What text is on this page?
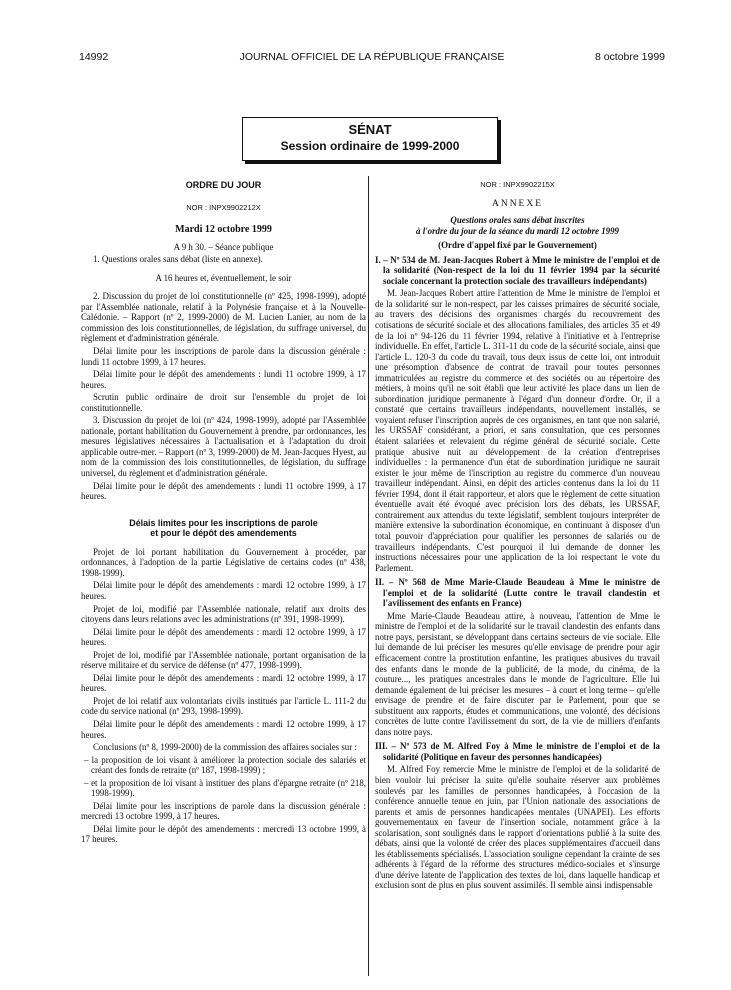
14992	JOURNAL OFFICIEL DE LA RÉPUBLIQUE FRANÇAISE	8 octobre 1999
SÉNAT
Session ordinaire de 1999-2000

ORDRE DU JOUR

NOR : INPX9902212X

Mardi 12 octobre 1999

A 9 h 30. – Séance publique

1. Questions orales sans débat (liste en annexe).

A 16 heures et, éventuellement, le soir

2. Discussion du projet de loi constitutionnelle (nº 425, 1998-1999), adopté par l'Assemblée nationale, relatif à la Polynésie française et à la Nouvelle-Calédonie. – Rapport (nº 2, 1999-2000) de M. Lucien Lanier, au nom de la commission des lois constitutionnelles, de législation, du suffrage universel, du règlement et d'administration générale.

Délai limite pour les inscriptions de parole dans la discussion générale : lundi 11 octobre 1999, à 17 heures.

Délai limite pour le dépôt des amendements : lundi 11 octobre 1999, à 17 heures.

Scrutin public ordinaire de droit sur l'ensemble du projet de loi constitutionnelle.

3. Discussion du projet de loi (nº 424, 1998-1999), adopté par l'Assemblée nationale, portant habilitation du Gouvernement à prendre, par ordonnances, les mesures législatives nécessaires à l'actualisation et à l'adaptation du droit applicable outre-mer. – Rapport (nº 3, 1999-2000) de M. Jean-Jacques Hyest, au nom de la commission des lois constitutionnelles, de législation, du suffrage universel, du règlement et d'administration générale.

Délai limite pour le dépôt des amendements : lundi 11 octobre 1999, à 17 heures.

Délais limites pour les inscriptions de parole

et pour le dépôt des amendements

Projet de loi portant habilitation du Gouvernement à procéder, par ordonnances, à l'adoption de la partie Législative de certains codes (nº 438, 1998-1999).

Délai limite pour le dépôt des amendements : mardi 12 octobre 1999, à 17 heures.

Projet de loi, modifié par l'Assemblée nationale, relatif aux droits des citoyens dans leurs relations avec les administrations (nº 391, 1998-1999).

Délai limite pour le dépôt des amendements : mardi 12 octobre 1999, à 17 heures.

Projet de loi, modifié par l'Assemblée nationale, portant organisation de la réserve militaire et du service de défense (nº 477, 1998-1999).

Délai limite pour le dépôt des amendements : mardi 12 octobre 1999, à 17 heures.

Projet de loi relatif aux volontariats civils institués par l'article L. 111-2 du code du service national (nº 293, 1998-1999).

Délai limite pour le dépôt des amendements : mardi 12 octobre 1999, à 17 heures.

Conclusions (nº 8, 1999-2000) de la commission des affaires sociales sur :

– la proposition de loi visant à améliorer la protection sociale des salariés et créant des fonds de retraite (nº 187, 1998-1999) ;

– et la proposition de loi visant à instituer des plans d'épargne retraite (nº 218, 1998-1999).

Délai limite pour les inscriptions de parole dans la discussion générale : mercredi 13 octobre 1999, à 17 heures.

Délai limite pour le dépôt des amendements : mercredi 13 octobre 1999, à 17 heures.

NOR : INPX9902215X

ANNEXE

Questions orales sans débat inscrites

à l'ordre du jour de la séance du mardi 12 octobre 1999

(Ordre d'appel fixé par le Gouvernement)

I. – Nº 534 de M. Jean-Jacques Robert à Mme le ministre de l'emploi et de la solidarité (Non-respect de la loi du 11 février 1994 par la sécurité sociale concernant la protection sociale des travailleurs indépendants)

M. Jean-Jacques Robert attire l'attention de Mme le ministre de l'emploi et de la solidarité sur le non-respect, par les caisses primaires de sécurité sociale, au travers des décisions des organismes chargés du recouvrement des cotisations de sécurité sociale et des allocations familiales, des articles 35 et 49 de la loi nº 94-126 du 11 février 1994, relative à l'initiative et à l'entreprise individuelle. En effet, l'article L. 311-11 du code de la sécurité sociale, ainsi que l'article L. 120-3 du code du travail, tous deux issus de cette loi, ont introduit une présomption d'absence de contrat de travail pour toutes personnes immatriculées au registre du commerce et des sociétés ou au répertoire des métiers, à moins qu'il ne soit établi que leur activité les place dans un lien de subordination juridique permanente à l'égard d'un donneur d'ordre. Or, il a constaté que certains travailleurs indépendants, nouvellement installés, se voyaient refuser l'inscription auprès de ces organismes, en tant que non salarié, les URSSAF considérant, a priori, et sans consultation, que ces personnes étaient salariées et relevaient du régime général de sécurité sociale. Cette pratique abusive nuit au développement de la création d'entreprises individuelles : la permanence d'un état de subordination juridique ne saurait exister le jour même de l'inscription au registre du commerce d'un nouveau travailleur indépendant. Ainsi, en dépit des articles contenus dans la loi du 11 février 1994, dont il était rapporteur, et alors que le règlement de cette situation éventuelle avait été évoqué avec précision lors des débats, les URSSAF, contrairement aux attendus du texte législatif, semblent toujours interpréter de manière extensive la subordination économique, en continuant à disposer d'un total pouvoir d'appréciation pour qualifier les personnes de salariés ou de travailleurs indépendants. C'est pourquoi il lui demande de donner les instructions nécessaires pour une application de la loi respectant le vote du Parlement.

II. – Nº 568 de Mme Marie-Claude Beaudeau à Mme le ministre de l'emploi et de la solidarité (Lutte contre le travail clandestin et l'avilissement des enfants en France)

Mme Marie-Claude Beaudeau attire, à nouveau, l'attention de Mme le ministre de l'emploi et de la solidarité sur le travail clandestin des enfants dans notre pays, persistant, se développant dans certains secteurs de vie sociale. Elle lui demande de lui préciser les mesures qu'elle envisage de prendre pour agir efficacement contre la prostitution enfantine, les pratiques abusives du travail des enfants dans le monde de la publicité, de la mode, du cinéma, de la couture..., les pratiques ancestrales dans le monde de l'agriculture. Elle lui demande également de lui préciser les mesures – à court et long terme – qu'elle envisage de prendre et de faire discuter par le Parlement, pour que se substituent aux rapports, études et communications, une volonté, des décisions concrètes de lutte contre l'avilissement du sort, de la vie de milliers d'enfants dans notre pays.

III. – Nº 573 de M. Alfred Foy à Mme le ministre de l'emploi et de la solidarité (Politique en faveur des personnes handicapées)

M. Alfred Foy remercie Mme le ministre de l'emploi et de la solidarité de bien vouloir lui préciser la suite qu'elle souhaite réserver aux problèmes soulevés par les familles de personnes handicapées, à l'occasion de la conférence annuelle tenue en juin, par l'Union nationale des associations de parents et amis de personnes handicapées mentales (UNAPEI). Les efforts gouvernementaux en faveur de l'insertion sociale, notamment grâce à la scolarisation, sont soulignés dans le rapport d'orientations publié à la suite des débats, ainsi que la volonté de créer des places supplémentaires d'accueil dans les établissements spécialisés. L'association souligne cependant la crainte de ses adhérents à l'égard de la réforme des structures médico-sociales et s'insurge d'une dérive latente de l'application des textes de loi, dans laquelle handicap et exclusion sont de plus en plus souvent assimilés. Il semble ainsi indispensable
